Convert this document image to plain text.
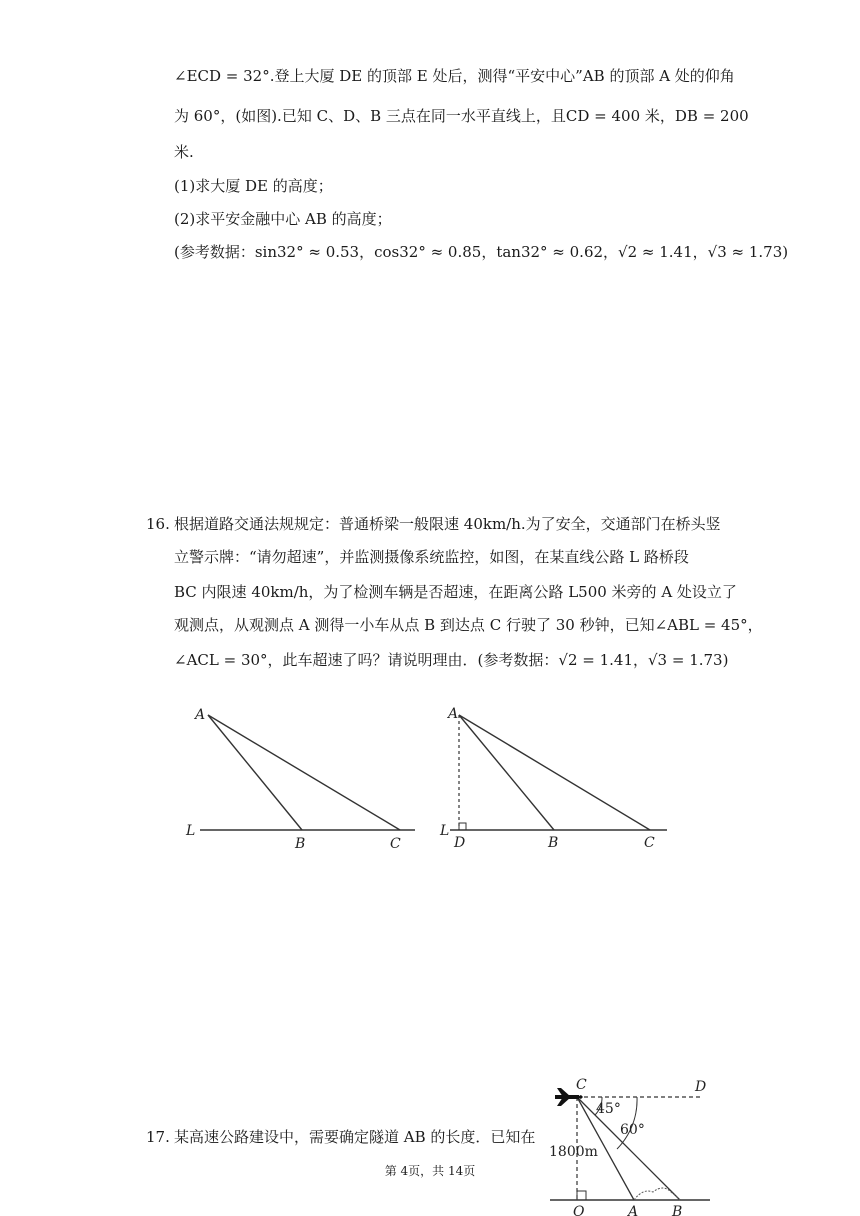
∠ECD = 32°.登上大厦 DE 的顶部 E 处后，测得“平安中心”AB 的顶部 A 处的仰角
为 60°，(如图).已知 C、D、B 三点在同一水平直线上，且CD = 400 米，DB = 200
米.
(1)求大厦 DE 的高度；
(2)求平安金融中心 AB 的高度；
(参考数据：sin32° ≈ 0.53，cos32° ≈ 0.85，tan32° ≈ 0.62，√2 ≈ 1.41，√3 ≈ 1.73)
16. 根据道路交通法规规定：普通桥梁一般限速 40km/h.为了安全，交通部门在桥头竖
立警示牌：“请勿超速”，并监测摄像系统监控，如图，在某直线公路 L 路桥段
BC 内限速 40km/h，为了检测车辆是否超速，在距离公路 L500 米旁的 A 处设立了
观测点，从观测点 A 测得一小车从点 B 到达点 C 行驶了 30 秒钟，已知∠ABL = 45°，
∠ACL = 30°，此车超速了吗？请说明理由．(参考数据：√2 = 1.41，√3 = 1.73)
A
L
B	C
A
L
D	B	C
17. 某高速公路建设中，需要确定隧道 AB 的长度．已知在
C	D
45°
60°
1800m
O	A B
第 4页，共 14页
